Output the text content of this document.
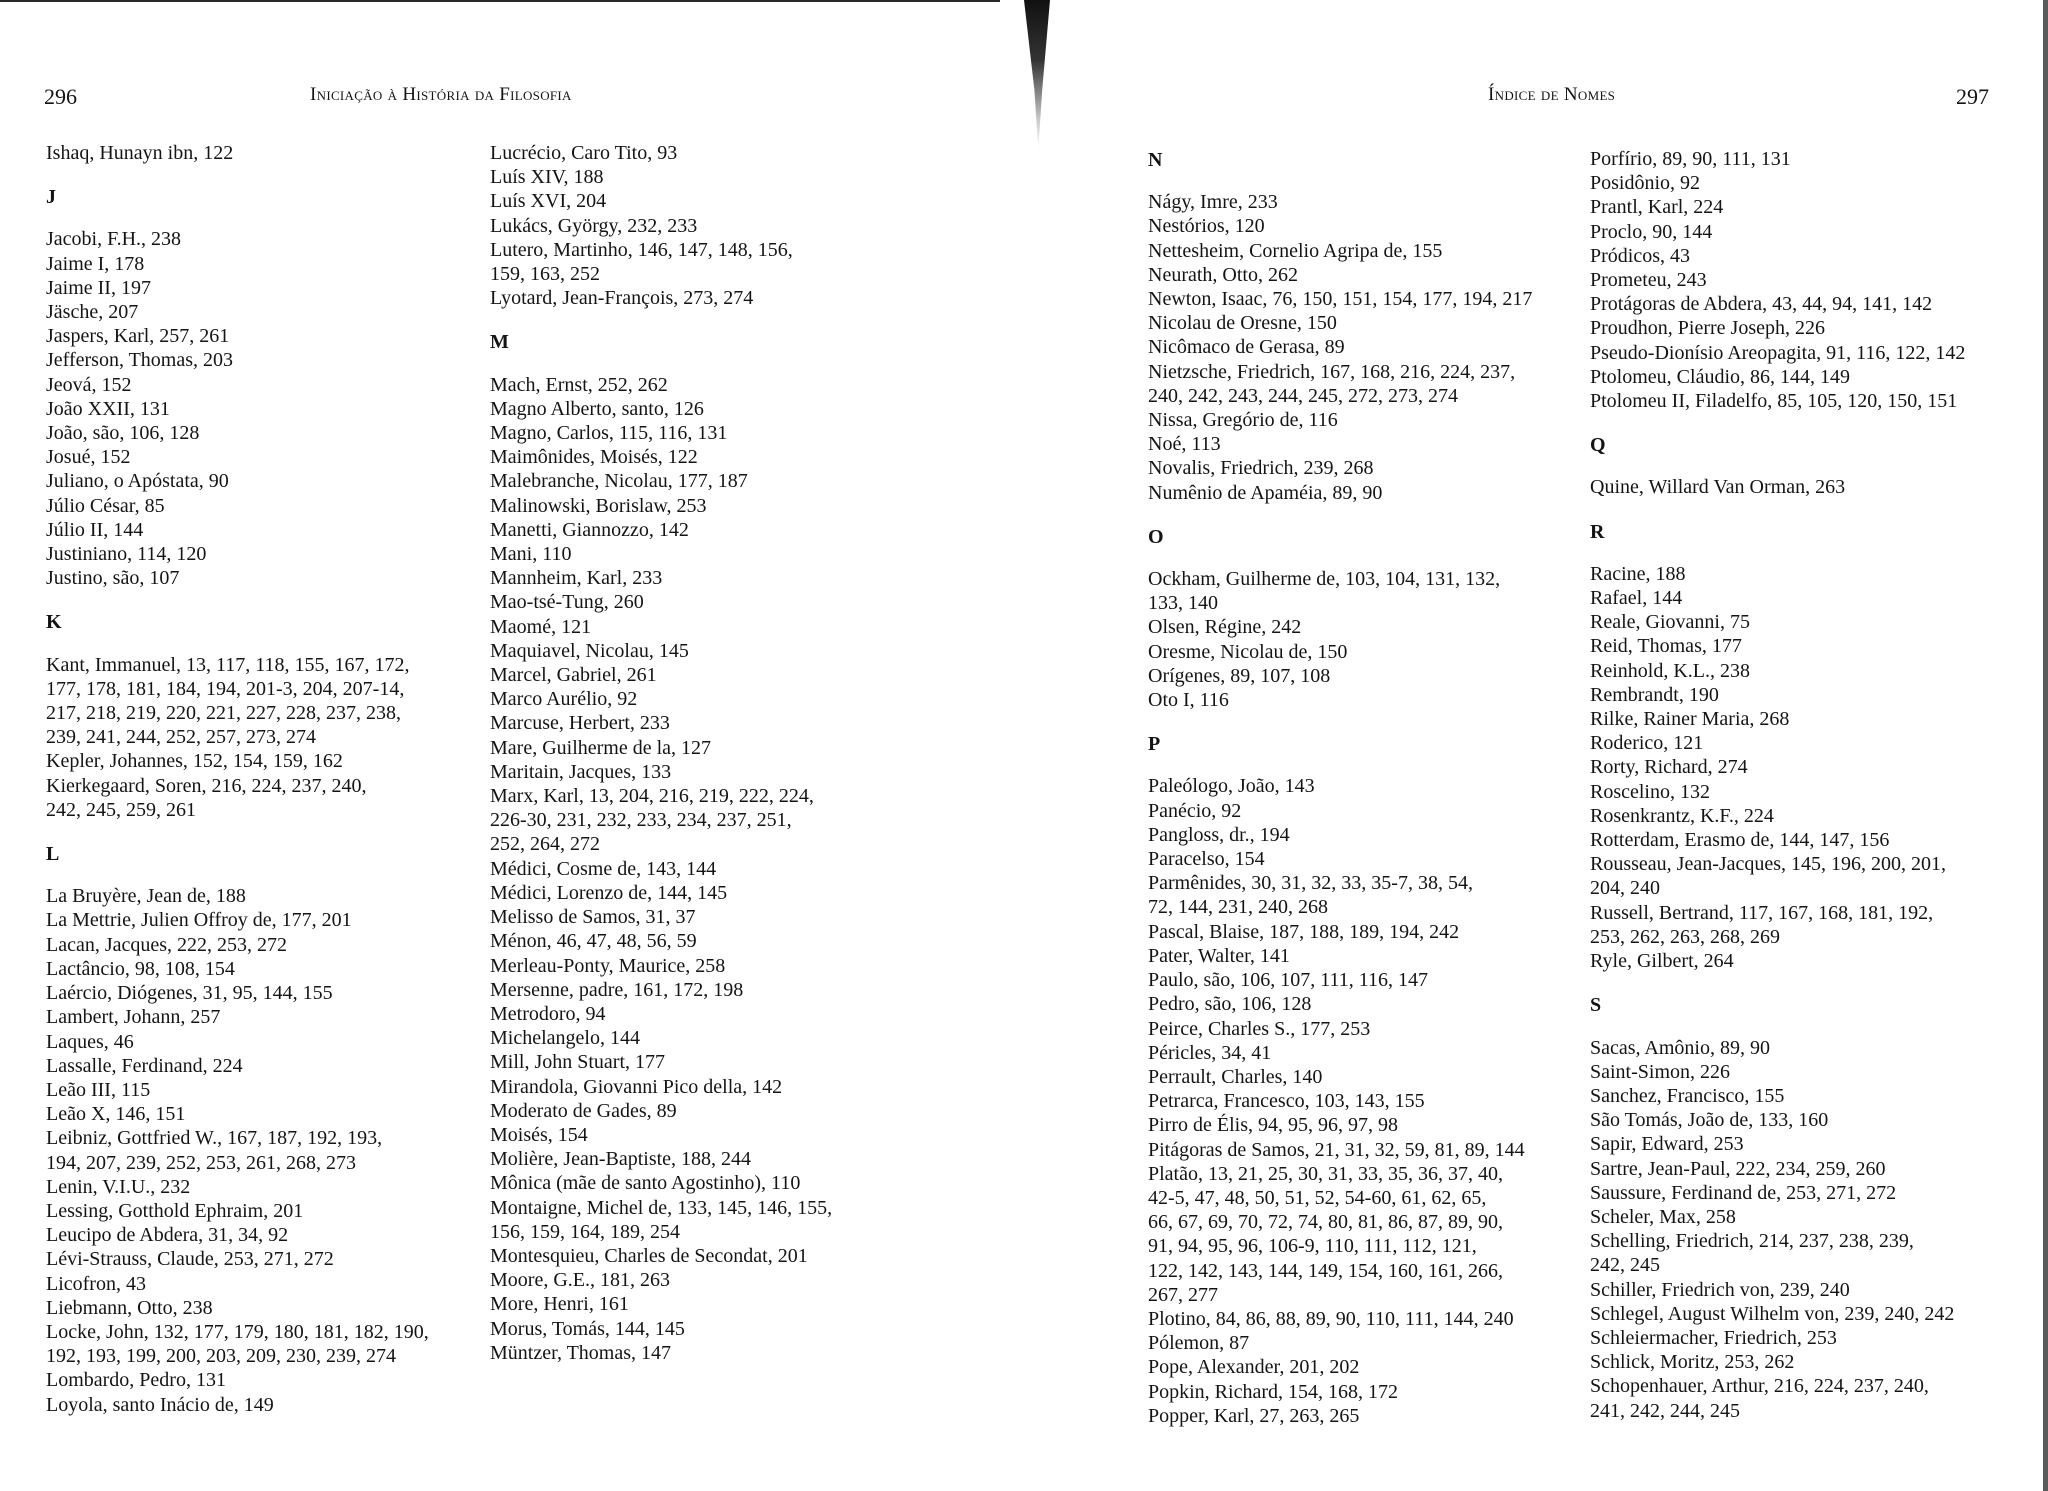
296	Iniciação à História da Filosofia	Índice de Nomes	297
Ishaq, Hunayn ibn, 122
J
Jacobi, F.H., 238
Jaime I, 178
Jaime II, 197
Jäsche, 207
Jaspers, Karl, 257, 261
Jefferson, Thomas, 203
Jeová, 152
João XXII, 131
João, são, 106, 128
Josué, 152
Juliano, o Apóstata, 90
Júlio César, 85
Júlio II, 144
Justiniano, 114, 120
Justino, são, 107
K
Kant, Immanuel, 13, 117, 118, 155, 167, 172,
177, 178, 181, 184, 194, 201-3, 204, 207-14,
217, 218, 219, 220, 221, 227, 228, 237, 238,
239, 241, 244, 252, 257, 273, 274
Kepler, Johannes, 152, 154, 159, 162
Kierkegaard, Soren, 216, 224, 237, 240,
242, 245, 259, 261
L
La Bruyère, Jean de, 188
La Mettrie, Julien Offroy de, 177, 201
Lacan, Jacques, 222, 253, 272
Lactâncio, 98, 108, 154
Laércio, Diógenes, 31, 95, 144, 155
Lambert, Johann, 257
Laques, 46
Lassalle, Ferdinand, 224
Leão III, 115
Leão X, 146, 151
Leibniz, Gottfried W., 167, 187, 192, 193,
194, 207, 239, 252, 253, 261, 268, 273
Lenin, V.I.U., 232
Lessing, Gotthold Ephraim, 201
Leucipo de Abdera, 31, 34, 92
Lévi-Strauss, Claude, 253, 271, 272
Licofron, 43
Liebmann, Otto, 238
Locke, John, 132, 177, 179, 180, 181, 182, 190,
192, 193, 199, 200, 203, 209, 230, 239, 274
Lombardo, Pedro, 131
Loyola, santo Inácio de, 149
Lucrécio, Caro Tito, 93
Luís XIV, 188
Luís XVI, 204
Lukács, György, 232, 233
Lutero, Martinho, 146, 147, 148, 156,
159, 163, 252
Lyotard, Jean-François, 273, 274
M
Mach, Ernst, 252, 262
Magno Alberto, santo, 126
Magno, Carlos, 115, 116, 131
Maimônides, Moisés, 122
Malebranche, Nicolau, 177, 187
Malinowski, Borislaw, 253
Manetti, Giannozzo, 142
Mani, 110
Mannheim, Karl, 233
Mao-tsé-Tung, 260
Maomé, 121
Maquiavel, Nicolau, 145
Marcel, Gabriel, 261
Marco Aurélio, 92
Marcuse, Herbert, 233
Mare, Guilherme de la, 127
Maritain, Jacques, 133
Marx, Karl, 13, 204, 216, 219, 222, 224,
226-30, 231, 232, 233, 234, 237, 251,
252, 264, 272
Médici, Cosme de, 143, 144
Médici, Lorenzo de, 144, 145
Melisso de Samos, 31, 37
Ménon, 46, 47, 48, 56, 59
Merleau-Ponty, Maurice, 258
Mersenne, padre, 161, 172, 198
Metrodoro, 94
Michelangelo, 144
Mill, John Stuart, 177
Mirandola, Giovanni Pico della, 142
Moderato de Gades, 89
Moisés, 154
Molière, Jean-Baptiste, 188, 244
Mônica (mãe de santo Agostinho), 110
Montaigne, Michel de, 133, 145, 146, 155,
156, 159, 164, 189, 254
Montesquieu, Charles de Secondat, 201
Moore, G.E., 181, 263
More, Henri, 161
Morus, Tomás, 144, 145
Müntzer, Thomas, 147
N
Nágy, Imre, 233
Nestórios, 120
Nettesheim, Cornelio Agripa de, 155
Neurath, Otto, 262
Newton, Isaac, 76, 150, 151, 154, 177, 194, 217
Nicolau de Oresne, 150
Nicômaco de Gerasa, 89
Nietzsche, Friedrich, 167, 168, 216, 224, 237,
240, 242, 243, 244, 245, 272, 273, 274
Nissa, Gregório de, 116
Noé, 113
Novalis, Friedrich, 239, 268
Numênio de Apaméia, 89, 90
O
Ockham, Guilherme de, 103, 104, 131, 132,
133, 140
Olsen, Régine, 242
Oresme, Nicolau de, 150
Orígenes, 89, 107, 108
Oto I, 116
P
Paleólogo, João, 143
Panécio, 92
Pangloss, dr., 194
Paracelso, 154
Parmênides, 30, 31, 32, 33, 35-7, 38, 54,
72, 144, 231, 240, 268
Pascal, Blaise, 187, 188, 189, 194, 242
Pater, Walter, 141
Paulo, são, 106, 107, 111, 116, 147
Pedro, são, 106, 128
Peirce, Charles S., 177, 253
Péricles, 34, 41
Perrault, Charles, 140
Petrarca, Francesco, 103, 143, 155
Pirro de Élis, 94, 95, 96, 97, 98
Pitágoras de Samos, 21, 31, 32, 59, 81, 89, 144
Platão, 13, 21, 25, 30, 31, 33, 35, 36, 37, 40,
42-5, 47, 48, 50, 51, 52, 54-60, 61, 62, 65,
66, 67, 69, 70, 72, 74, 80, 81, 86, 87, 89, 90,
91, 94, 95, 96, 106-9, 110, 111, 112, 121,
122, 142, 143, 144, 149, 154, 160, 161, 266,
267, 277
Plotino, 84, 86, 88, 89, 90, 110, 111, 144, 240
Pólemon, 87
Pope, Alexander, 201, 202
Popkin, Richard, 154, 168, 172
Popper, Karl, 27, 263, 265
Porfírio, 89, 90, 111, 131
Posidônio, 92
Prantl, Karl, 224
Proclo, 90, 144
Pródicos, 43
Prometeu, 243
Protágoras de Abdera, 43, 44, 94, 141, 142
Proudhon, Pierre Joseph, 226
Pseudo-Dionísio Areopagita, 91, 116, 122, 142
Ptolomeu, Cláudio, 86, 144, 149
Ptolomeu II, Filadelfo, 85, 105, 120, 150, 151
Q
Quine, Willard Van Orman, 263
R
Racine, 188
Rafael, 144
Reale, Giovanni, 75
Reid, Thomas, 177
Reinhold, K.L., 238
Rembrandt, 190
Rilke, Rainer Maria, 268
Roderico, 121
Rorty, Richard, 274
Roscelino, 132
Rosenkrantz, K.F., 224
Rotterdam, Erasmo de, 144, 147, 156
Rousseau, Jean-Jacques, 145, 196, 200, 201,
204, 240
Russell, Bertrand, 117, 167, 168, 181, 192,
253, 262, 263, 268, 269
Ryle, Gilbert, 264
S
Sacas, Amônio, 89, 90
Saint-Simon, 226
Sanchez, Francisco, 155
São Tomás, João de, 133, 160
Sapir, Edward, 253
Sartre, Jean-Paul, 222, 234, 259, 260
Saussure, Ferdinand de, 253, 271, 272
Scheler, Max, 258
Schelling, Friedrich, 214, 237, 238, 239,
242, 245
Schiller, Friedrich von, 239, 240
Schlegel, August Wilhelm von, 239, 240, 242
Schleiermacher, Friedrich, 253
Schlick, Moritz, 253, 262
Schopenhauer, Arthur, 216, 224, 237, 240,
241, 242, 244, 245
